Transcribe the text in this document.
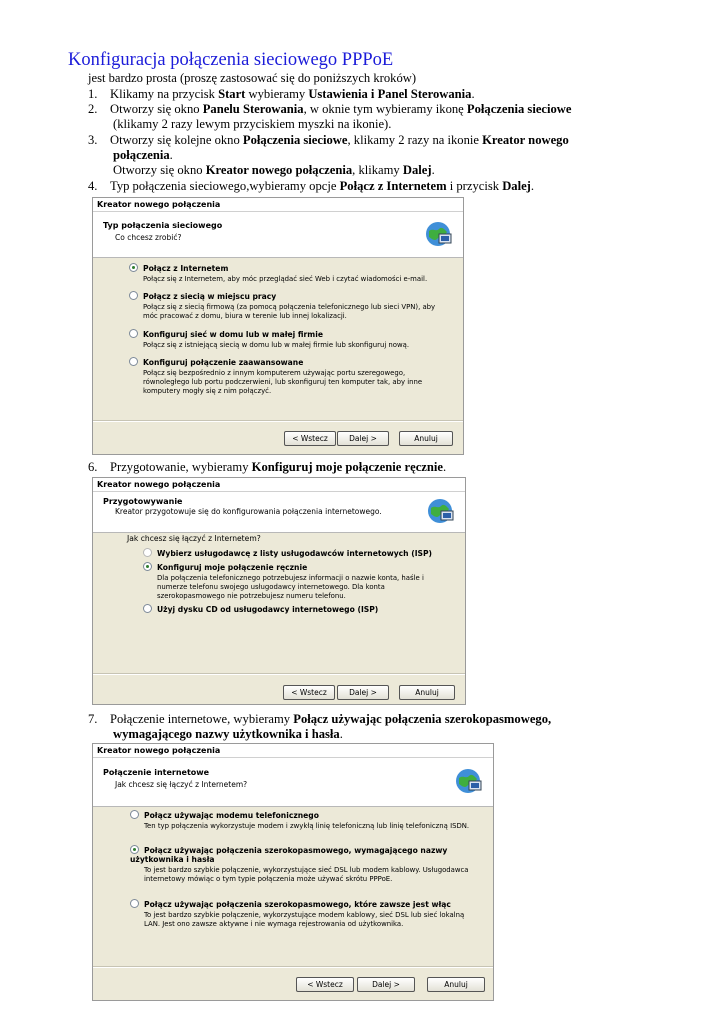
Konfiguracja połączenia sieciowego PPPoE
jest bardzo prosta (proszę zastosować się do poniższych kroków)
1. Klikamy na przycisk Start wybieramy Ustawienia i Panel Sterowania.
2. Otworzy się okno Panelu Sterowania, w oknie tym wybieramy ikonę Połączenia sieciowe
(klikamy 2 razy lewym przyciskiem myszki na ikonie).
3. Otworzy się kolejne okno Połączenia sieciowe, klikamy 2 razy na ikonie Kreator nowego
połączenia.
Otworzy się okno Kreator nowego połączenia, klikamy Dalej.
4. Typ połączenia sieciowego,wybieramy opcje Połącz z Internetem i przycisk Dalej.
Kreator nowego połączenia
Typ połączenia sieciowego
Co chcesz zrobić?
Połącz z Internetem
Połącz się z Internetem, aby móc przeglądać sieć Web i czytać wiadomości e-mail.
Połącz z siecią w miejscu pracy
Połącz się z siecią firmową (za pomocą połączenia telefonicznego lub sieci VPN), aby móc pracować z domu, biura w terenie lub innej lokalizacji.
Konfiguruj sieć w domu lub w małej firmie
Połącz się z istniejącą siecią w domu lub w małej firmie lub skonfiguruj nową.
Konfiguruj połączenie zaawansowane
Połącz się bezpośrednio z innym komputerem używając portu szeregowego, równoległego lub portu podczerwieni, lub skonfiguruj ten komputer tak, aby inne komputery mogły się z nim połączyć.
< Wstecz	Dalej >	Anuluj
6. Przygotowanie, wybieramy Konfiguruj moje połączenie ręcznie.
Kreator nowego połączenia
Przygotowywanie
Kreator przygotowuje się do konfigurowania połączenia internetowego.
Jak chcesz się łączyć z Internetem?
Wybierz usługodawcę z listy usługodawców internetowych (ISP)
Konfiguruj moje połączenie ręcznie
Dla połączenia telefonicznego potrzebujesz informacji o nazwie konta, haśle i numerze telefonu swojego usługodawcy internetowego. Dla konta szerokopasmowego nie potrzebujesz numeru telefonu.
Użyj dysku CD od usługodawcy internetowego (ISP)
< Wstecz	Dalej >	Anuluj
7. Połączenie internetowe, wybieramy Połącz używając połączenia szerokopasmowego,
wymagającego nazwy użytkownika i hasła.
Kreator nowego połączenia
Połączenie internetowe
Jak chcesz się łączyć z Internetem?
Połącz używając modemu telefonicznego
Ten typ połączenia wykorzystuje modem i zwykłą linię telefoniczną lub linię telefoniczną ISDN.
Połącz używając połączenia szerokopasmowego, wymagającego nazwy użytkownika i hasła
To jest bardzo szybkie połączenie, wykorzystujące sieć DSL lub modem kablowy. Usługodawca internetowy mówiąc o tym typie połączenia może używać skrótu PPPoE.
Połącz używając połączenia szerokopasmowego, które zawsze jest włąc
To jest bardzo szybkie połączenie, wykorzystujące modem kablowy, sieć DSL lub sieć lokalną LAN. Jest ono zawsze aktywne i nie wymaga rejestrowania od użytkownika.
< Wstecz	Dalej >	Anuluj
